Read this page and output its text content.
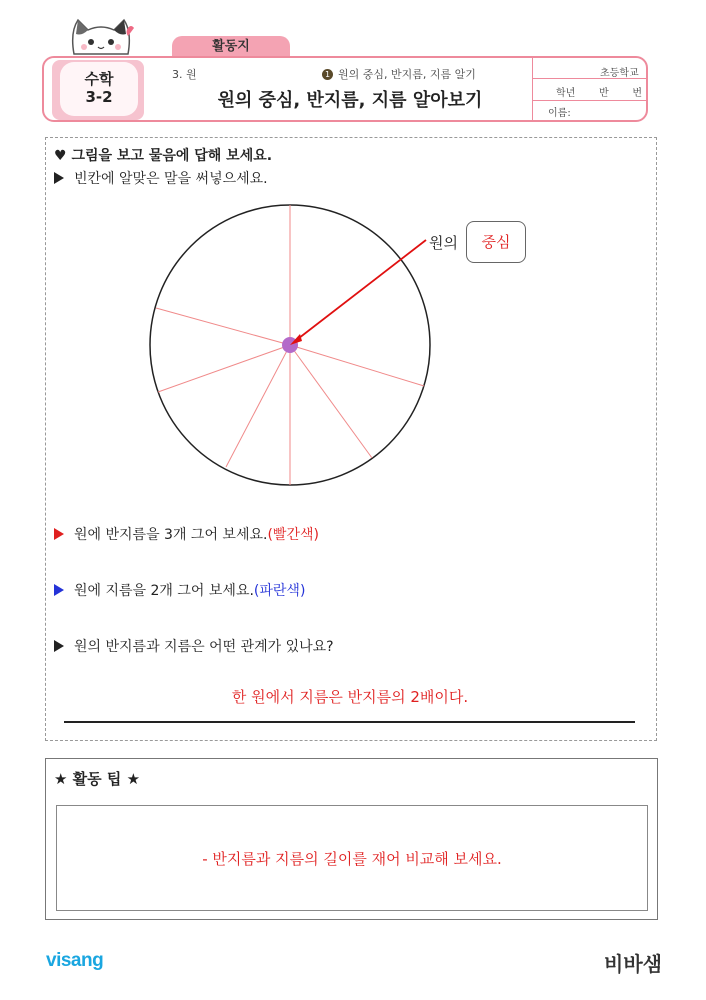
활동지
수학
3-2
3. 원	1 원의 중심, 반지름, 지름 알기
원의 중심, 반지름, 지름 알아보기
초등학교
학년 반 번
이름:
♥ 그림을 보고 물음에 답해 보세요.
빈칸에 알맞은 말을 써넣으세요.
원의	중심
원에 반지름을 3개 그어 보세요.(빨간색)
원에 지름을 2개 그어 보세요.(파란색)
원의 반지름과 지름은 어떤 관계가 있나요?
한 원에서 지름은 반지름의 2배이다.
★ 활동 팁 ★
- 반지름과 지름의 길이를 재어 비교해 보세요.
visang	비바샘
